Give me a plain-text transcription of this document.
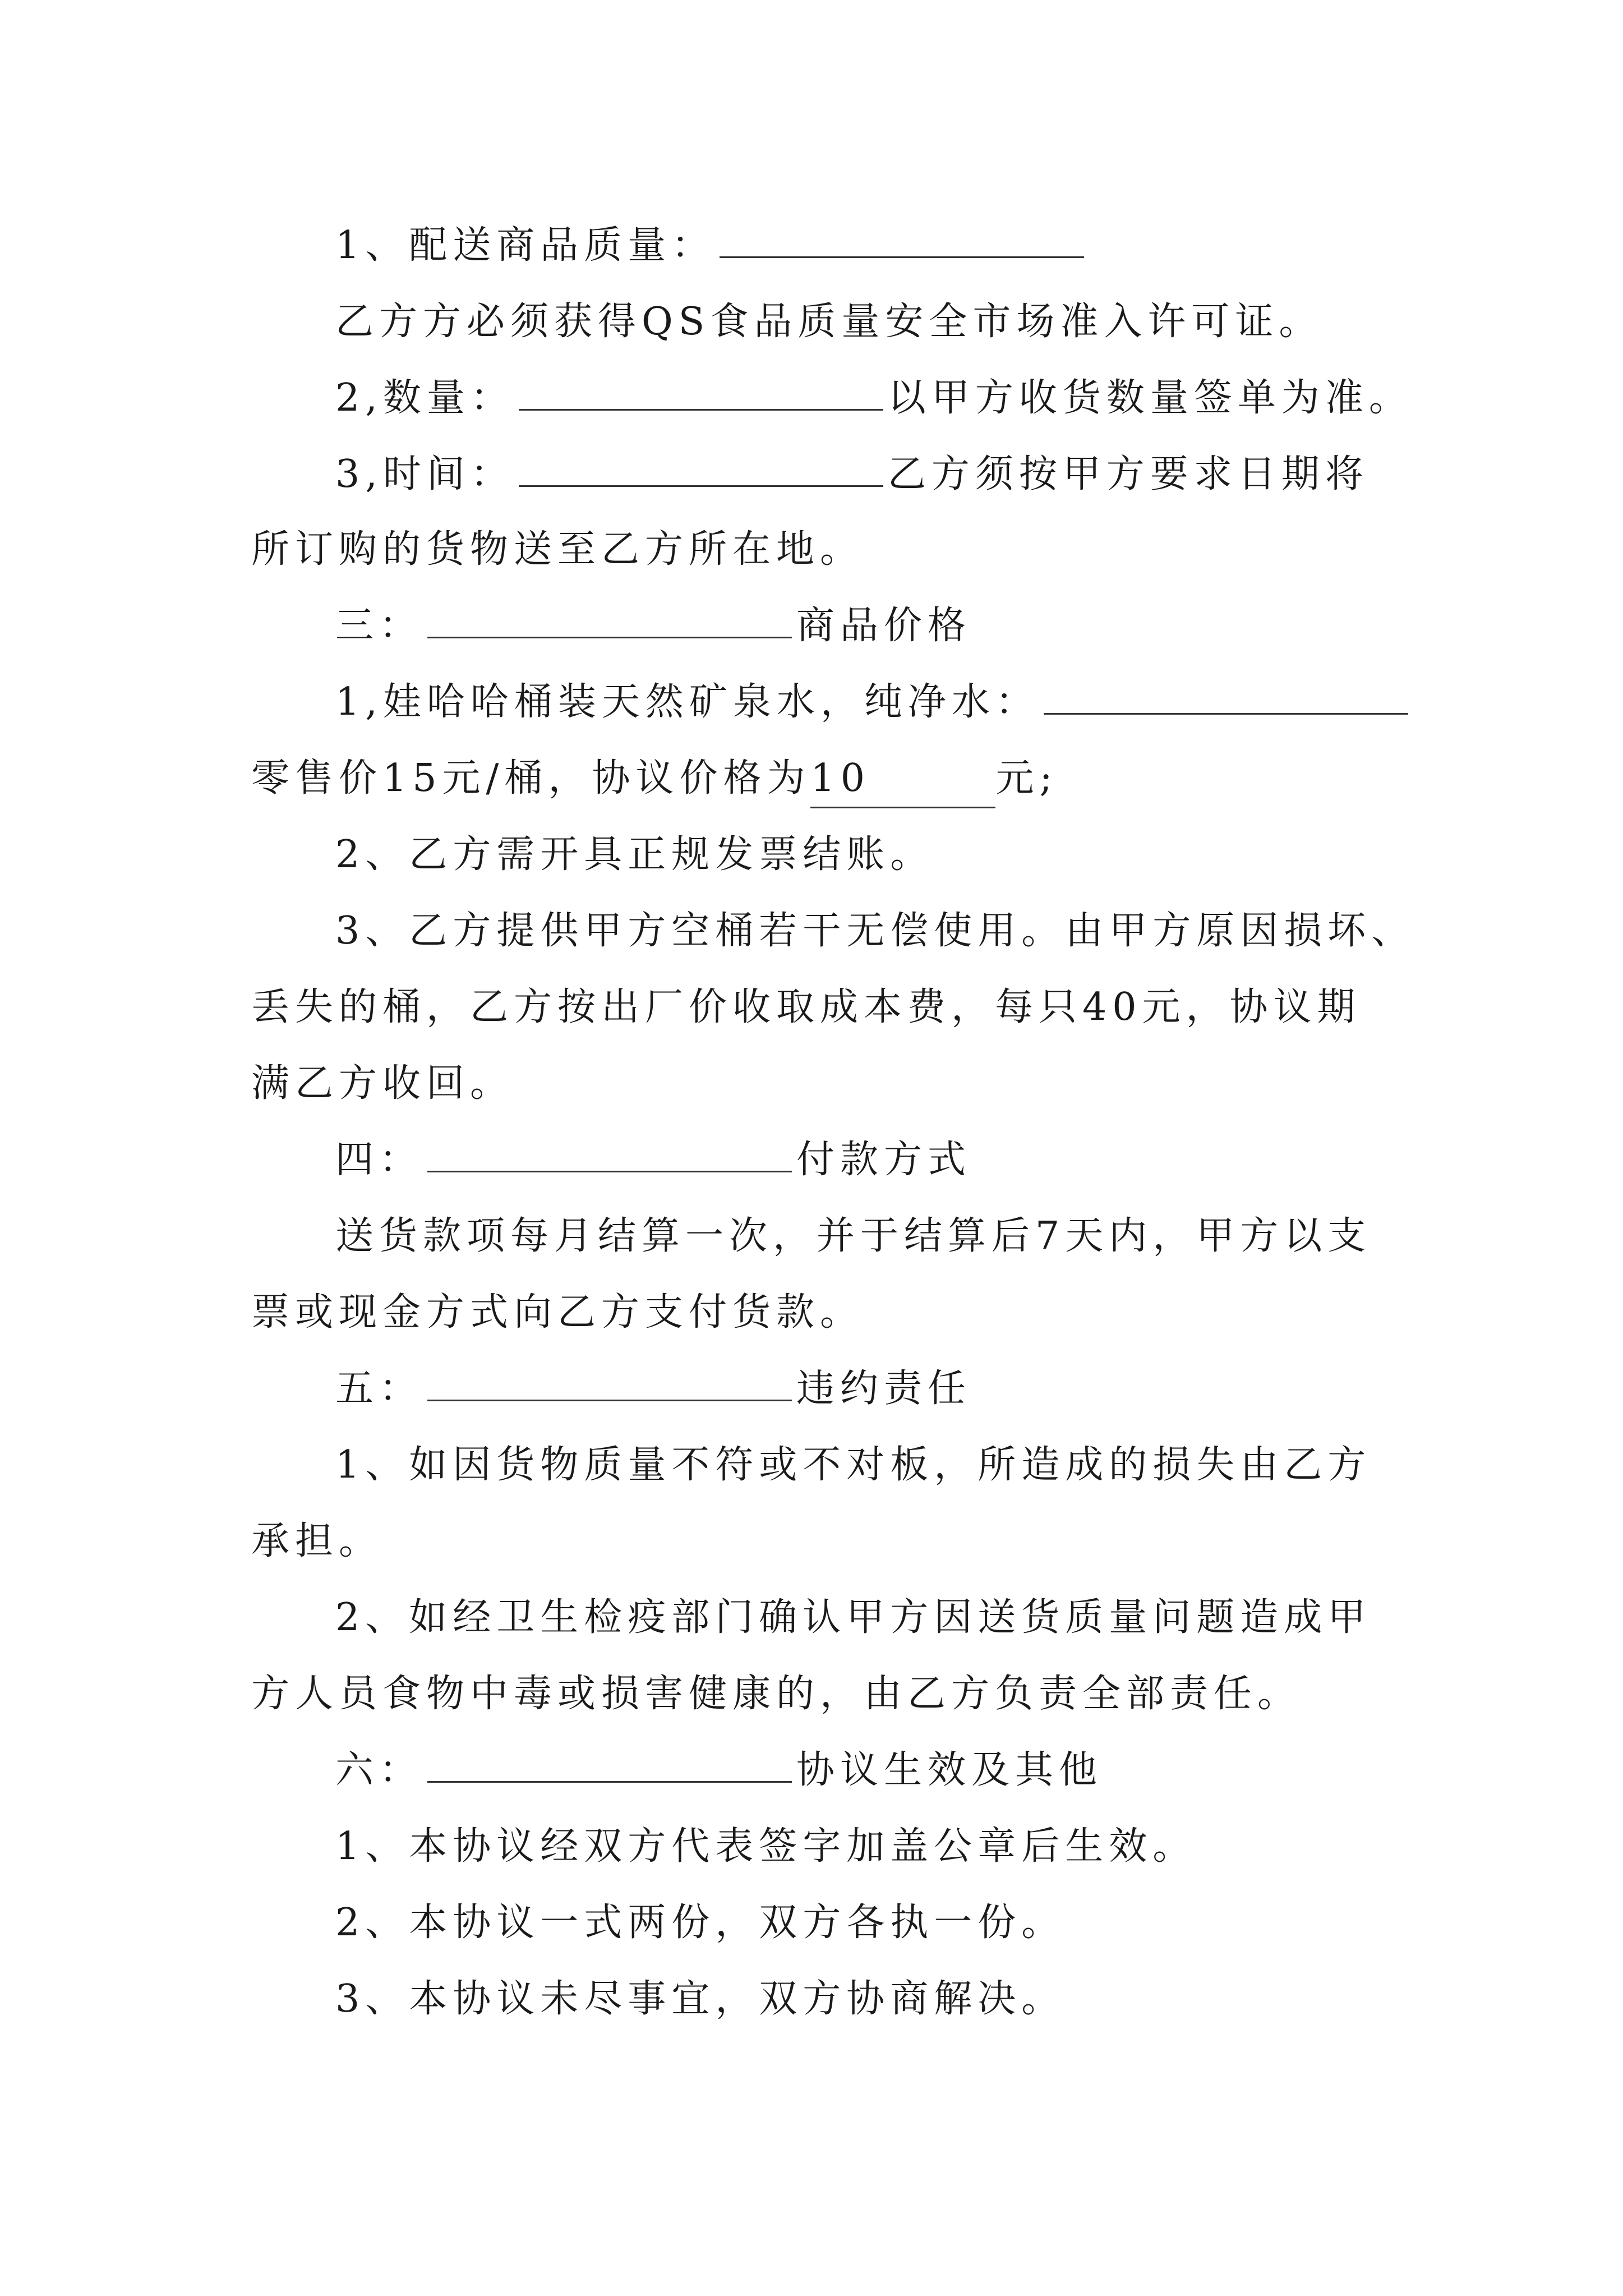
1、配送商品质量：
乙方方必须获得QS食品质量安全市场准入许可证。
2,数量：	以甲方收货数量签单为准。
3,时间：	乙方须按甲方要求日期将
所订购的货物送至乙方所在地。
三：	商品价格
1,娃哈哈桶装天然矿泉水，纯净水：
零售价15元/桶，协议价格为10	元;
2、乙方需开具正规发票结账。
3、乙方提供甲方空桶若干无偿使用。由甲方原因损坏、
丢失的桶，乙方按出厂价收取成本费，每只40元，协议期
满乙方收回。
四：	付款方式
送货款项每月结算一次，并于结算后7天内，甲方以支
票或现金方式向乙方支付货款。
五：	违约责任
1、如因货物质量不符或不对板，所造成的损失由乙方
承担。
2、如经卫生检疫部门确认甲方因送货质量问题造成甲
方人员食物中毒或损害健康的，由乙方负责全部责任。
六：	协议生效及其他
1、本协议经双方代表签字加盖公章后生效。
2、本协议一式两份，双方各执一份。
3、本协议未尽事宜，双方协商解决。
